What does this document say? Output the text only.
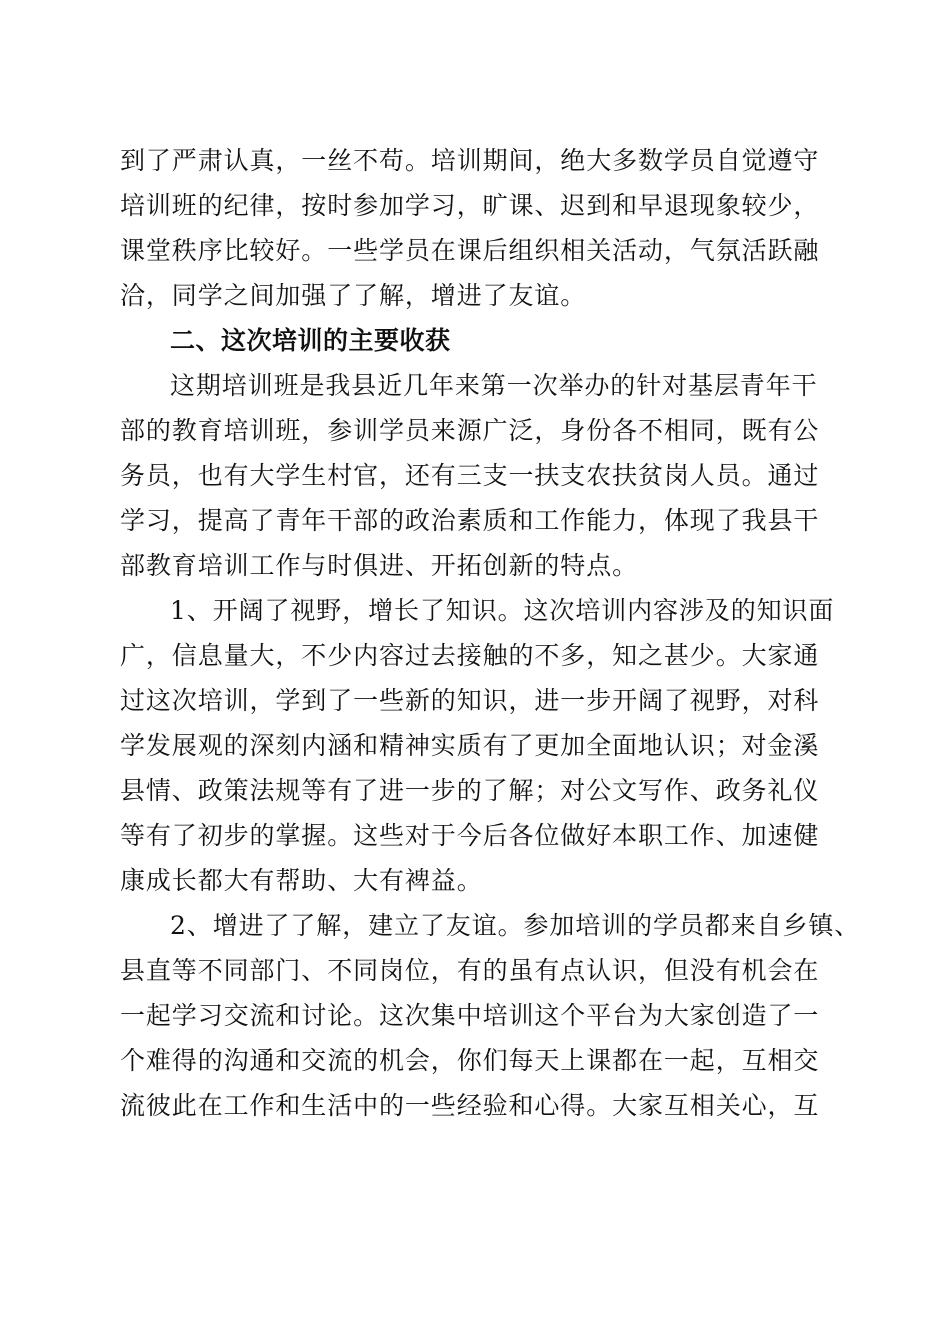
到了严肃认真，一丝不苟。培训期间，绝大多数学员自觉遵守
培训班的纪律，按时参加学习，旷课、迟到和早退现象较少，
课堂秩序比较好。一些学员在课后组织相关活动，气氛活跃融
洽，同学之间加强了了解，增进了友谊。
二、这次培训的主要收获
这期培训班是我县近几年来第一次举办的针对基层青年干
部的教育培训班，参训学员来源广泛，身份各不相同，既有公
务员，也有大学生村官，还有三支一扶支农扶贫岗人员。通过
学习，提高了青年干部的政治素质和工作能力，体现了我县干
部教育培训工作与时俱进、开拓创新的特点。
1、开阔了视野，增长了知识。这次培训内容涉及的知识面
广，信息量大，不少内容过去接触的不多，知之甚少。大家通
过这次培训，学到了一些新的知识，进一步开阔了视野，对科
学发展观的深刻内涵和精神实质有了更加全面地认识；对金溪
县情、政策法规等有了进一步的了解；对公文写作、政务礼仪
等有了初步的掌握。这些对于今后各位做好本职工作、加速健
康成长都大有帮助、大有裨益。
2、增进了了解，建立了友谊。参加培训的学员都来自乡镇、
县直等不同部门、不同岗位，有的虽有点认识，但没有机会在
一起学习交流和讨论。这次集中培训这个平台为大家创造了一
个难得的沟通和交流的机会，你们每天上课都在一起，互相交
流彼此在工作和生活中的一些经验和心得。大家互相关心，互
